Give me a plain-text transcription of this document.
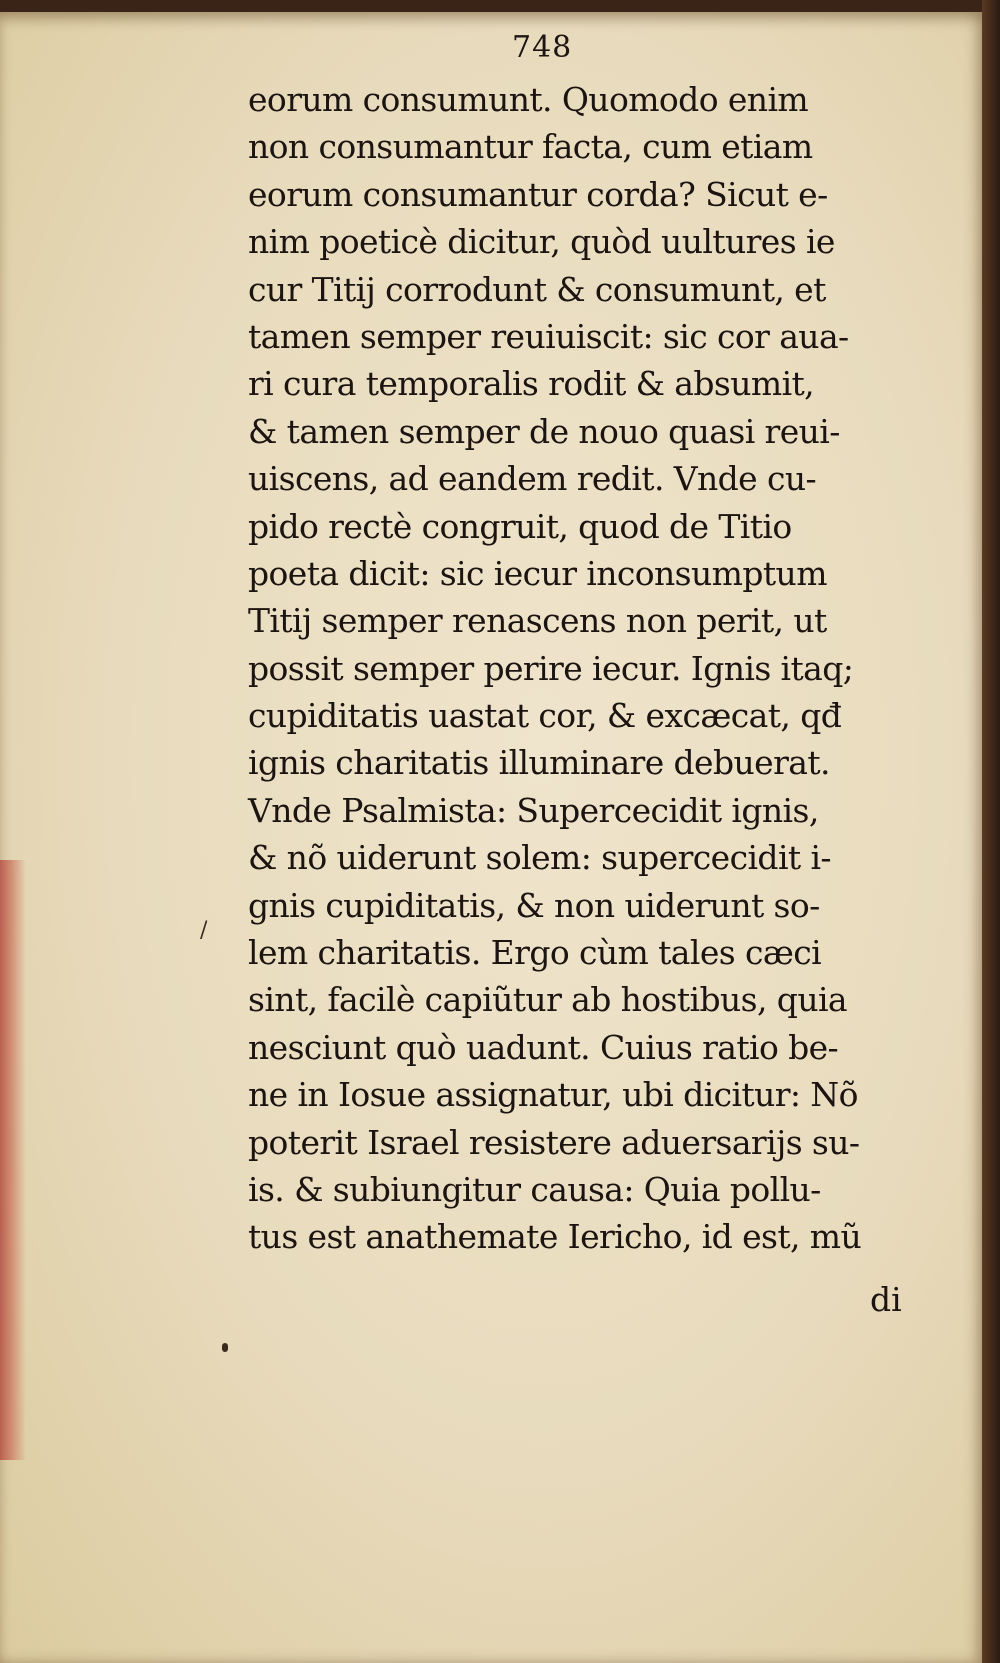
748
eorum consumunt. Quomodo enim
non consumantur facta, cum etiam
eorum consumantur corda? Sicut e-
nim poeticè dicitur, quòd uultures ie
cur Titij corrodunt & consumunt, et
tamen semper reuiuiscit: sic cor aua-
ri cura temporalis rodit & absumit,
& tamen semper de nouo quasi reui-
uiscens, ad eandem redit. Vnde cu-
pido rectè congruit, quod de Titio
poeta dicit: sic iecur inconsumptum
Titij semper renascens non perit, ut
possit semper perire iecur. Ignis itaq;
cupiditatis uastat cor, & excæcat, qđ
ignis charitatis illuminare debuerat.
Vnde Psalmista: Supercecidit ignis,
& nõ uiderunt solem: supercecidit i-
gnis cupiditatis, & non uiderunt so-
lem charitatis. Ergo cùm tales cæci
sint, facilè capiũtur ab hostibus, quia
nesciunt quò uadunt. Cuius ratio be-
ne in Iosue assignatur, ubi dicitur: Nõ
poterit Israel resistere aduersarijs su-
is. & subiungitur causa: Quia pollu-
tus est anathemate Iericho, id est, mũ
di
/
